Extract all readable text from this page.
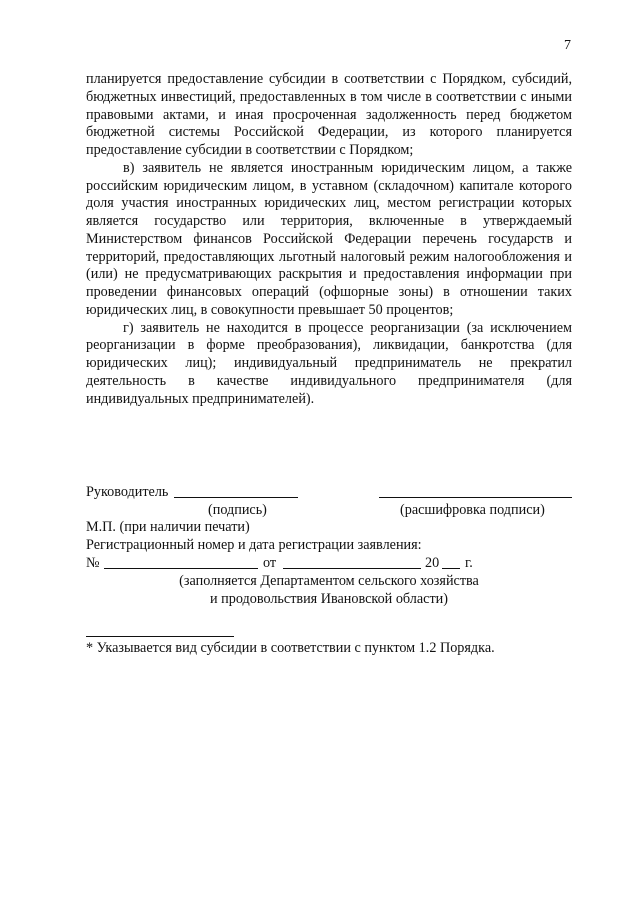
7

планируется предоставление субсидии в соответствии с Порядком, субсидий, бюджетных инвестиций, предоставленных в том числе в соответствии с иными правовыми актами, и иная просроченная задолженность перед бюджетом бюджетной системы Российской Федерации, из которого планируется предоставление субсидии в соответствии с Порядком;

в) заявитель не является иностранным юридическим лицом, а также российским юридическим лицом, в уставном (складочном) капитале которого доля участия иностранных юридических лиц, местом регистрации которых является государство или территория, включенные в утверждаемый Министерством финансов Российской Федерации перечень государств и территорий, предоставляющих льготный налоговый режим налогообложения и (или) не предусматривающих раскрытия и предоставления информации при проведении финансовых операций (офшорные зоны) в отношении таких юридических лиц, в совокупности превышает 50 процентов;

г) заявитель не находится в процессе реорганизации (за исключением реорганизации в форме преобразования), ликвидации, банкротства (для юридических лиц); индивидуальный предприниматель не прекратил деятельность в качестве индивидуального предпринимателя (для индивидуальных предпринимателей).

Руководитель
(подпись)	(расшифровка подписи)
М.П. (при наличии печати)
Регистрационный номер и дата регистрации заявления:
№	от	20 г.
(заполняется Департаментом сельского хозяйства
и продовольствия Ивановской области)
* Указывается вид субсидии в соответствии с пунктом 1.2 Порядка.
